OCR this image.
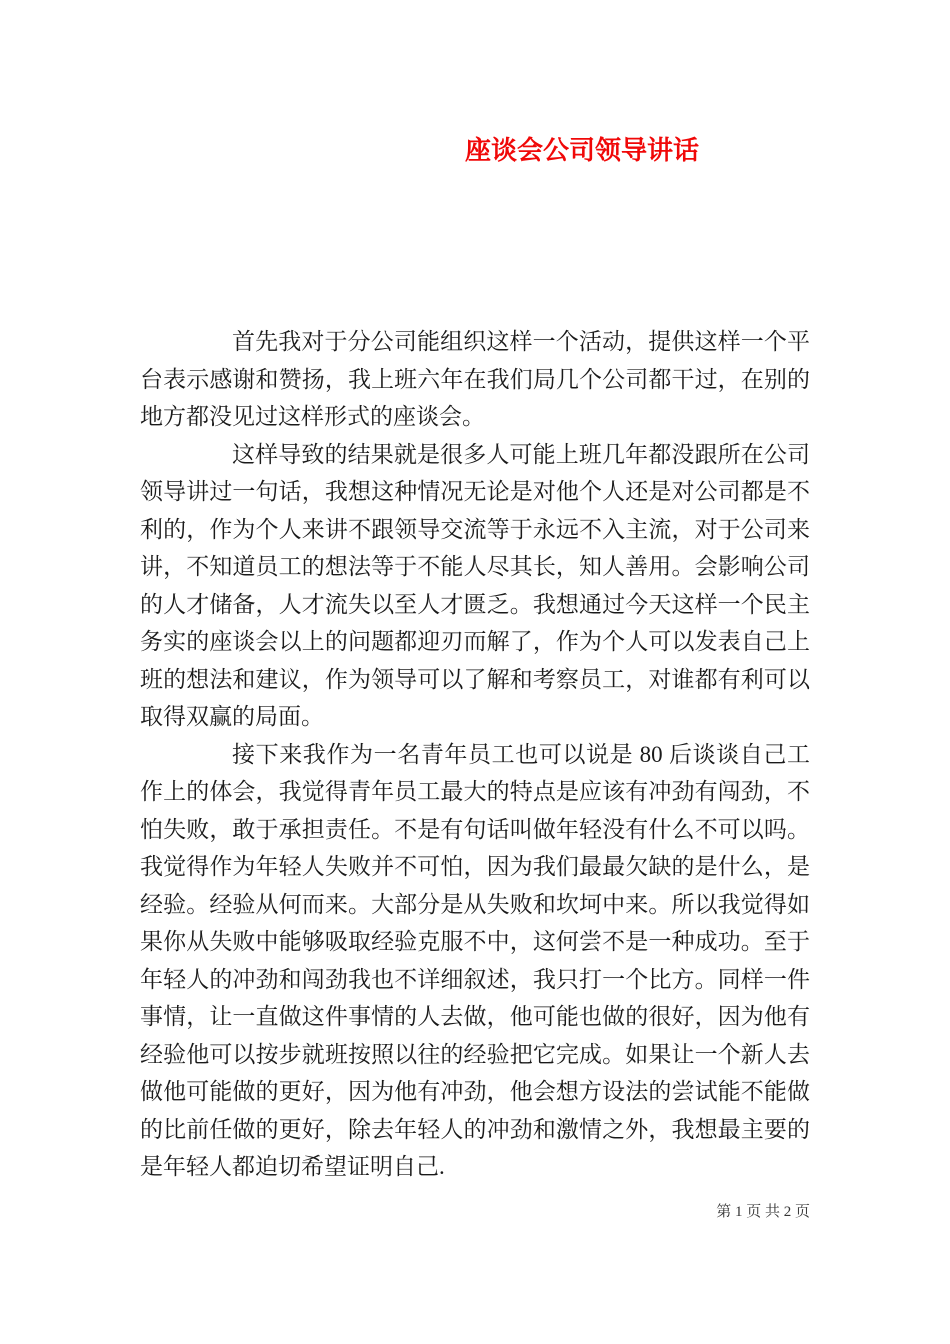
座谈会公司领导讲话

首先我对于分公司能组织这样一个活动，提供这样一个平台表示感谢和赞扬，我上班六年在我们局几个公司都干过，在别的地方都没见过这样形式的座谈会。

这样导致的结果就是很多人可能上班几年都没跟所在公司领导讲过一句话，我想这种情况无论是对他个人还是对公司都是不利的，作为个人来讲不跟领导交流等于永远不入主流，对于公司来讲，不知道员工的想法等于不能人尽其长，知人善用。会影响公司的人才储备，人才流失以至人才匮乏。我想通过今天这样一个民主务实的座谈会以上的问题都迎刃而解了，作为个人可以发表自己上班的想法和建议，作为领导可以了解和考察员工，对谁都有利可以取得双赢的局面。

接下来我作为一名青年员工也可以说是 80 后谈谈自己工作上的体会，我觉得青年员工最大的特点是应该有冲劲有闯劲，不怕失败，敢于承担责任。不是有句话叫做年轻没有什么不可以吗。我觉得作为年轻人失败并不可怕，因为我们最最欠缺的是什么，是经验。经验从何而来。大部分是从失败和坎坷中来。所以我觉得如果你从失败中能够吸取经验克服不中，这何尝不是一种成功。至于年轻人的冲劲和闯劲我也不详细叙述，我只打一个比方。同样一件事情，让一直做这件事情的人去做，他可能也做的很好，因为他有经验他可以按步就班按照以往的经验把它完成。如果让一个新人去做他可能做的更好，因为他有冲劲，他会想方设法的尝试能不能做的比前任做的更好，除去年轻人的冲劲和激情之外，我想最主要的是年轻人都迫切希望证明自己.

第 1 页 共 2 页
